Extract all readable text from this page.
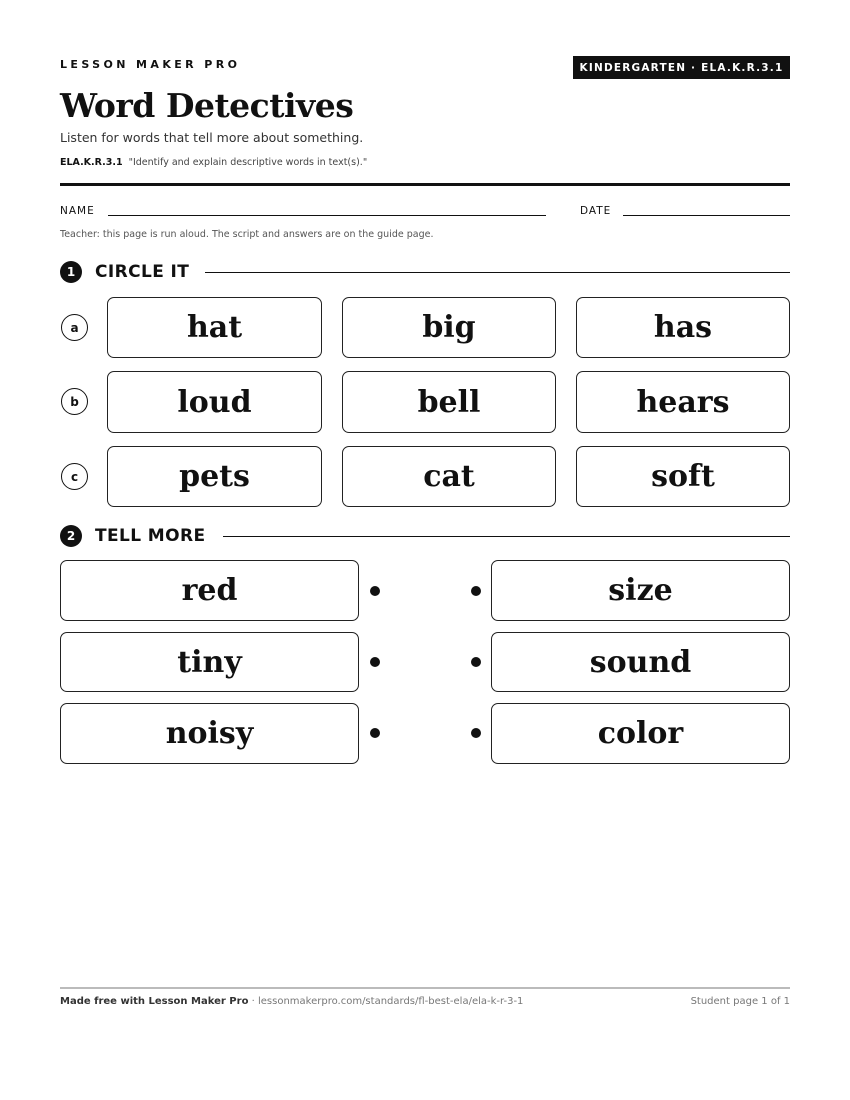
LESSON MAKER PRO	KINDERGARTEN · ELA.K.R.3.1
Word Detectives
Listen for words that tell more about something.
ELA.K.R.3.1 "Identify and explain descriptive words in text(s)."
NAME	DATE
Teacher: this page is run aloud. The script and answers are on the guide page.
1	CIRCLE IT
a	hat	big	has
b	loud	bell	hears
c	pets	cat	soft
2	TELL MORE
red	size
tiny	sound
noisy	color
Made free with Lesson Maker Pro · lessonmakerpro.com/standards/fl-best-ela/ela-k-r-3-1	Student page 1 of 1
